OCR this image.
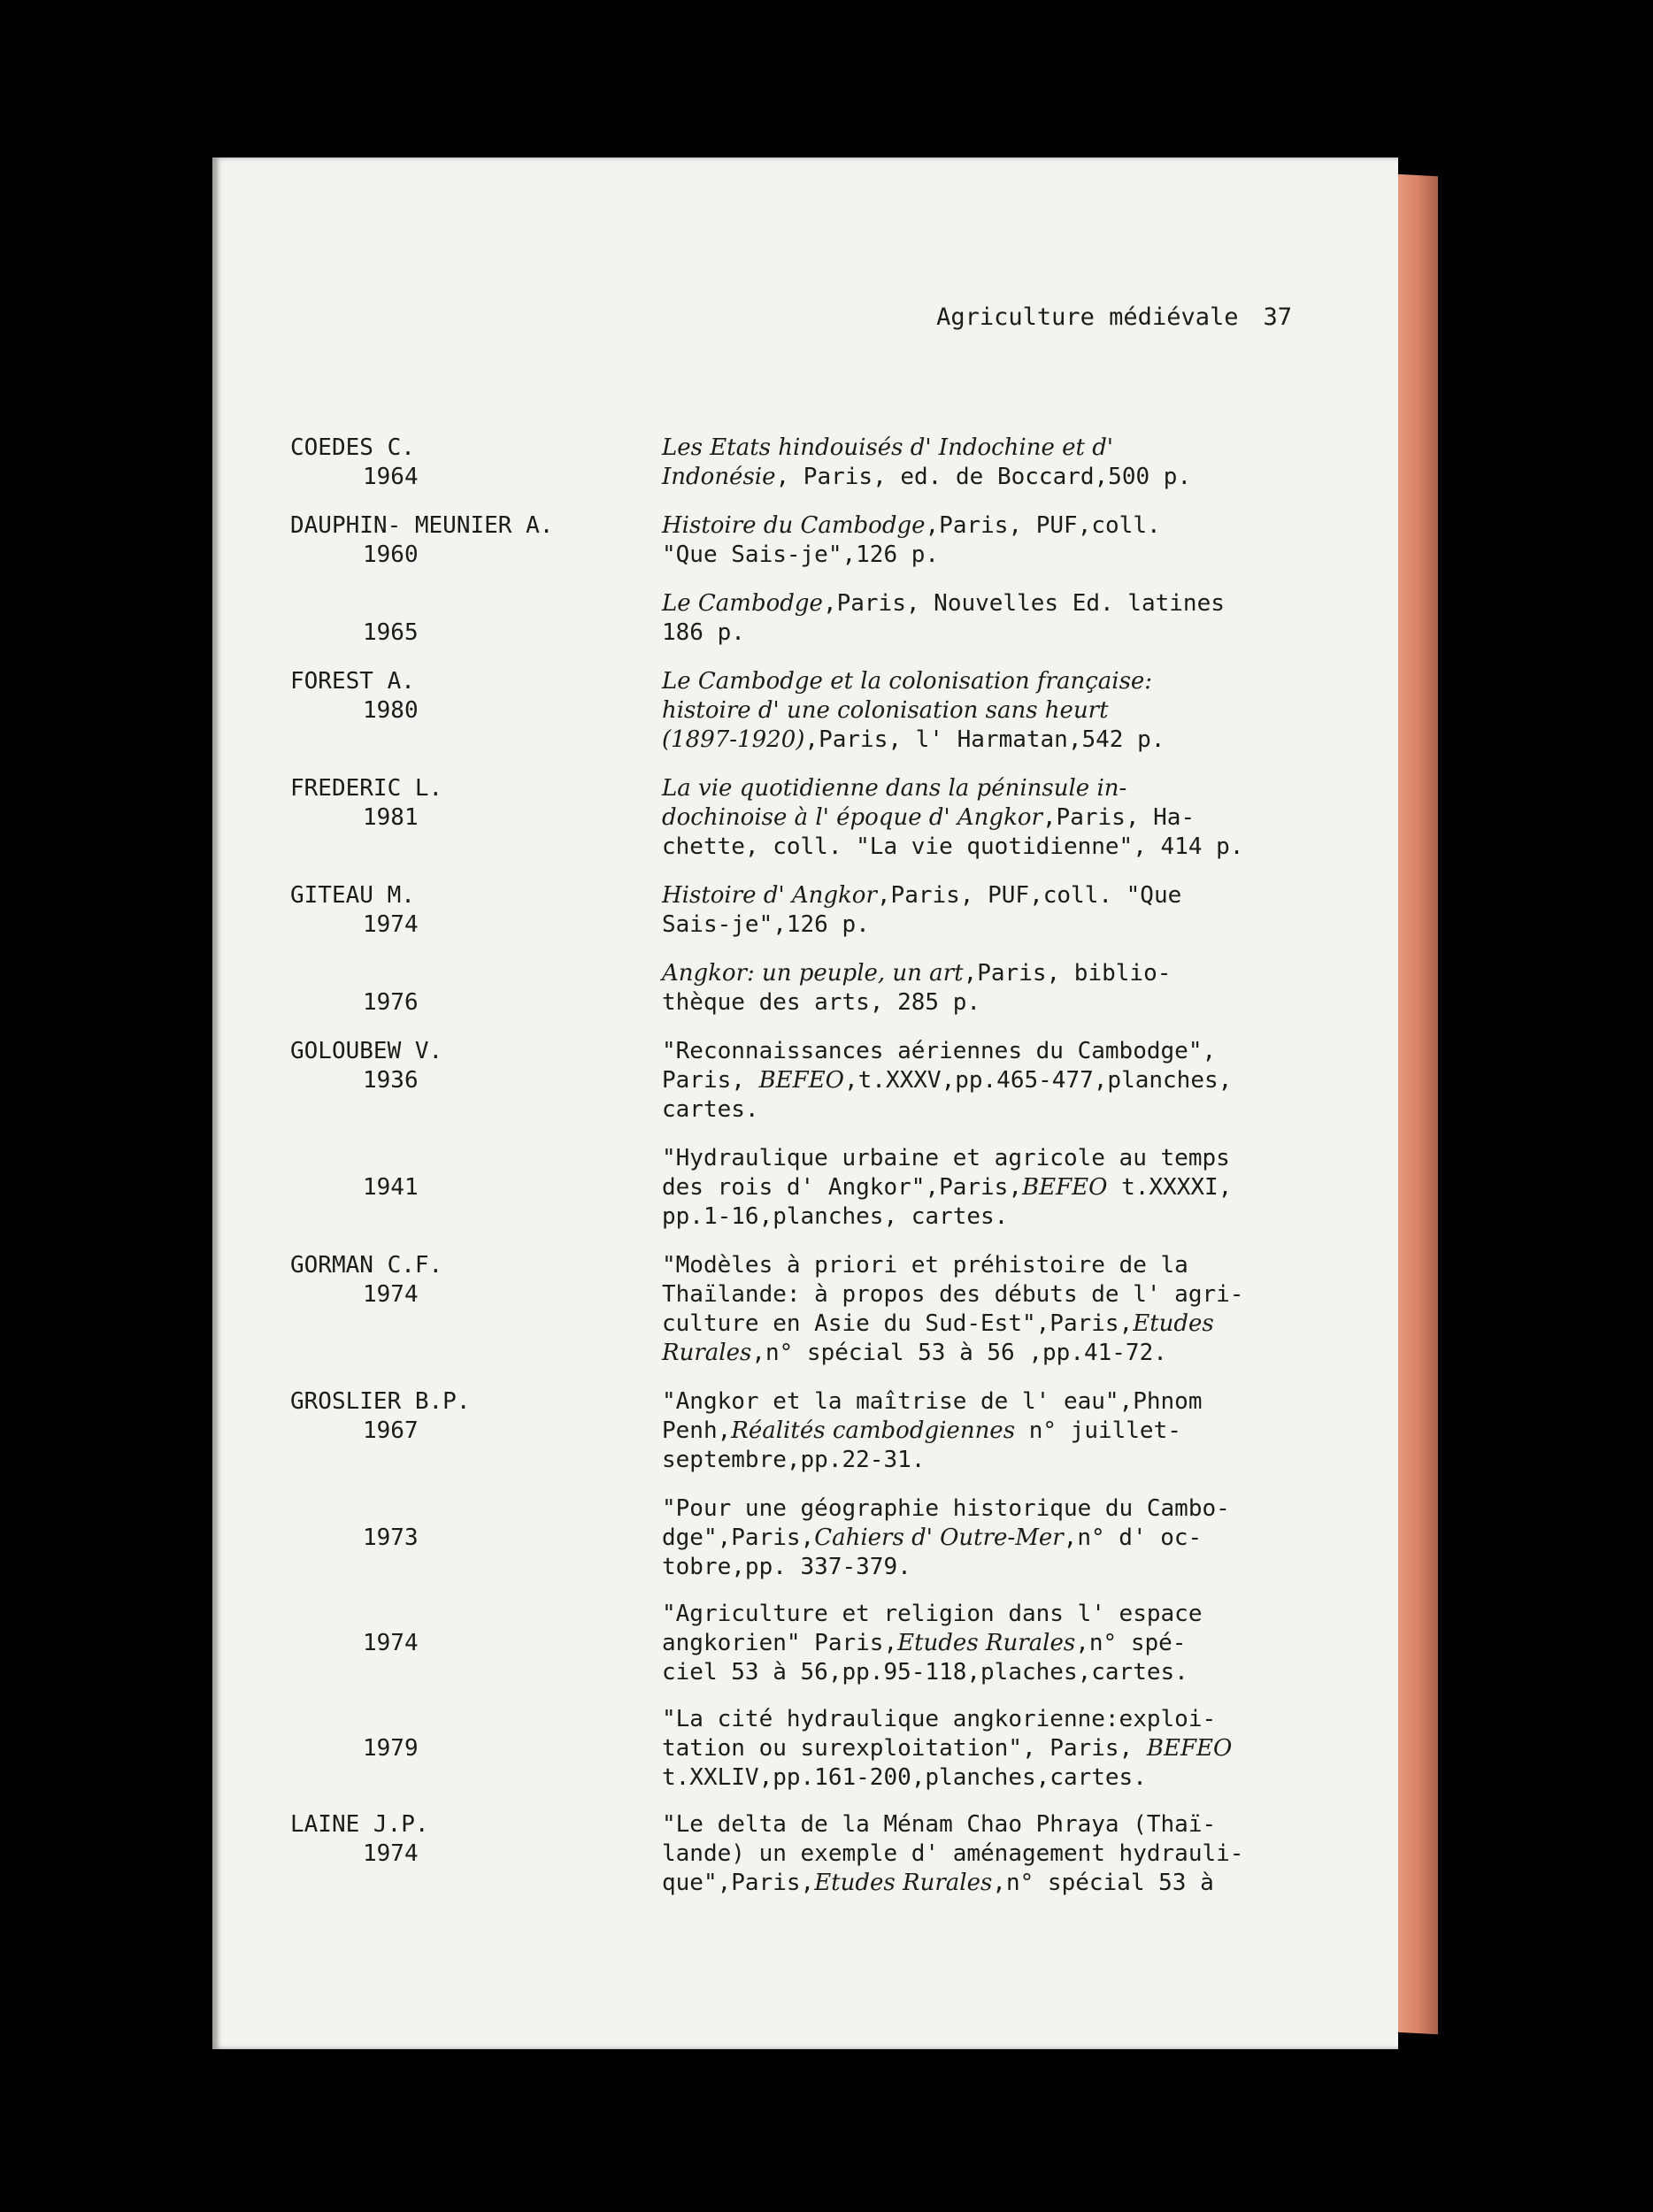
Agriculture médiévale 37
COEDES C.
1964
Les Etats hindouisés d' Indochine et d'
Indonésie, Paris, ed. de Boccard,500 p.
DAUPHIN- MEUNIER A.
1960
Histoire du Cambodge,Paris, PUF,coll.
"Que Sais-je",126 p.

1965
Le Cambodge,Paris, Nouvelles Ed. latines
186 p.
FOREST A.
1980
Le Cambodge et la colonisation française:
histoire d' une colonisation sans heurt
(1897-1920),Paris, l' Harmatan,542 p.
FREDERIC L.
1981
La vie quotidienne dans la péninsule in-
dochinoise à l' époque d' Angkor,Paris, Ha-
chette, coll. "La vie quotidienne", 414 p.
GITEAU M.
1974
Histoire d' Angkor,Paris, PUF,coll. "Que
Sais-je",126 p.

1976
Angkor: un peuple, un art,Paris, biblio-
thèque des arts, 285 p.
GOLOUBEW V.
1936
"Reconnaissances aériennes du Cambodge",
Paris, BEFEO,t.XXXV,pp.465-477,planches,
cartes.

1941
"Hydraulique urbaine et agricole au temps
des rois d' Angkor",Paris,BEFEO t.XXXXI,
pp.1-16,planches, cartes.
GORMAN C.F.
1974
"Modèles à priori et préhistoire de la
Thaïlande: à propos des débuts de l' agri-
culture en Asie du Sud-Est",Paris,Etudes
Rurales,n° spécial 53 à 56 ,pp.41-72.
GROSLIER B.P.
1967
"Angkor et la maîtrise de l' eau",Phnom
Penh,Réalités cambodgiennes n° juillet-
septembre,pp.22-31.

1973
"Pour une géographie historique du Cambo-
dge",Paris,Cahiers d' Outre-Mer,n° d' oc-
tobre,pp. 337-379.

1974
"Agriculture et religion dans l' espace
angkorien" Paris,Etudes Rurales,n° spé-
ciel 53 à 56,pp.95-118,plaches,cartes.

1979
"La cité hydraulique angkorienne:exploi-
tation ou surexploitation", Paris, BEFEO
t.XXLIV,pp.161-200,planches,cartes.
LAINE J.P.
1974
"Le delta de la Ménam Chao Phraya (Thaï-
lande) un exemple d' aménagement hydrauli-
que",Paris,Etudes Rurales,n° spécial 53 à
